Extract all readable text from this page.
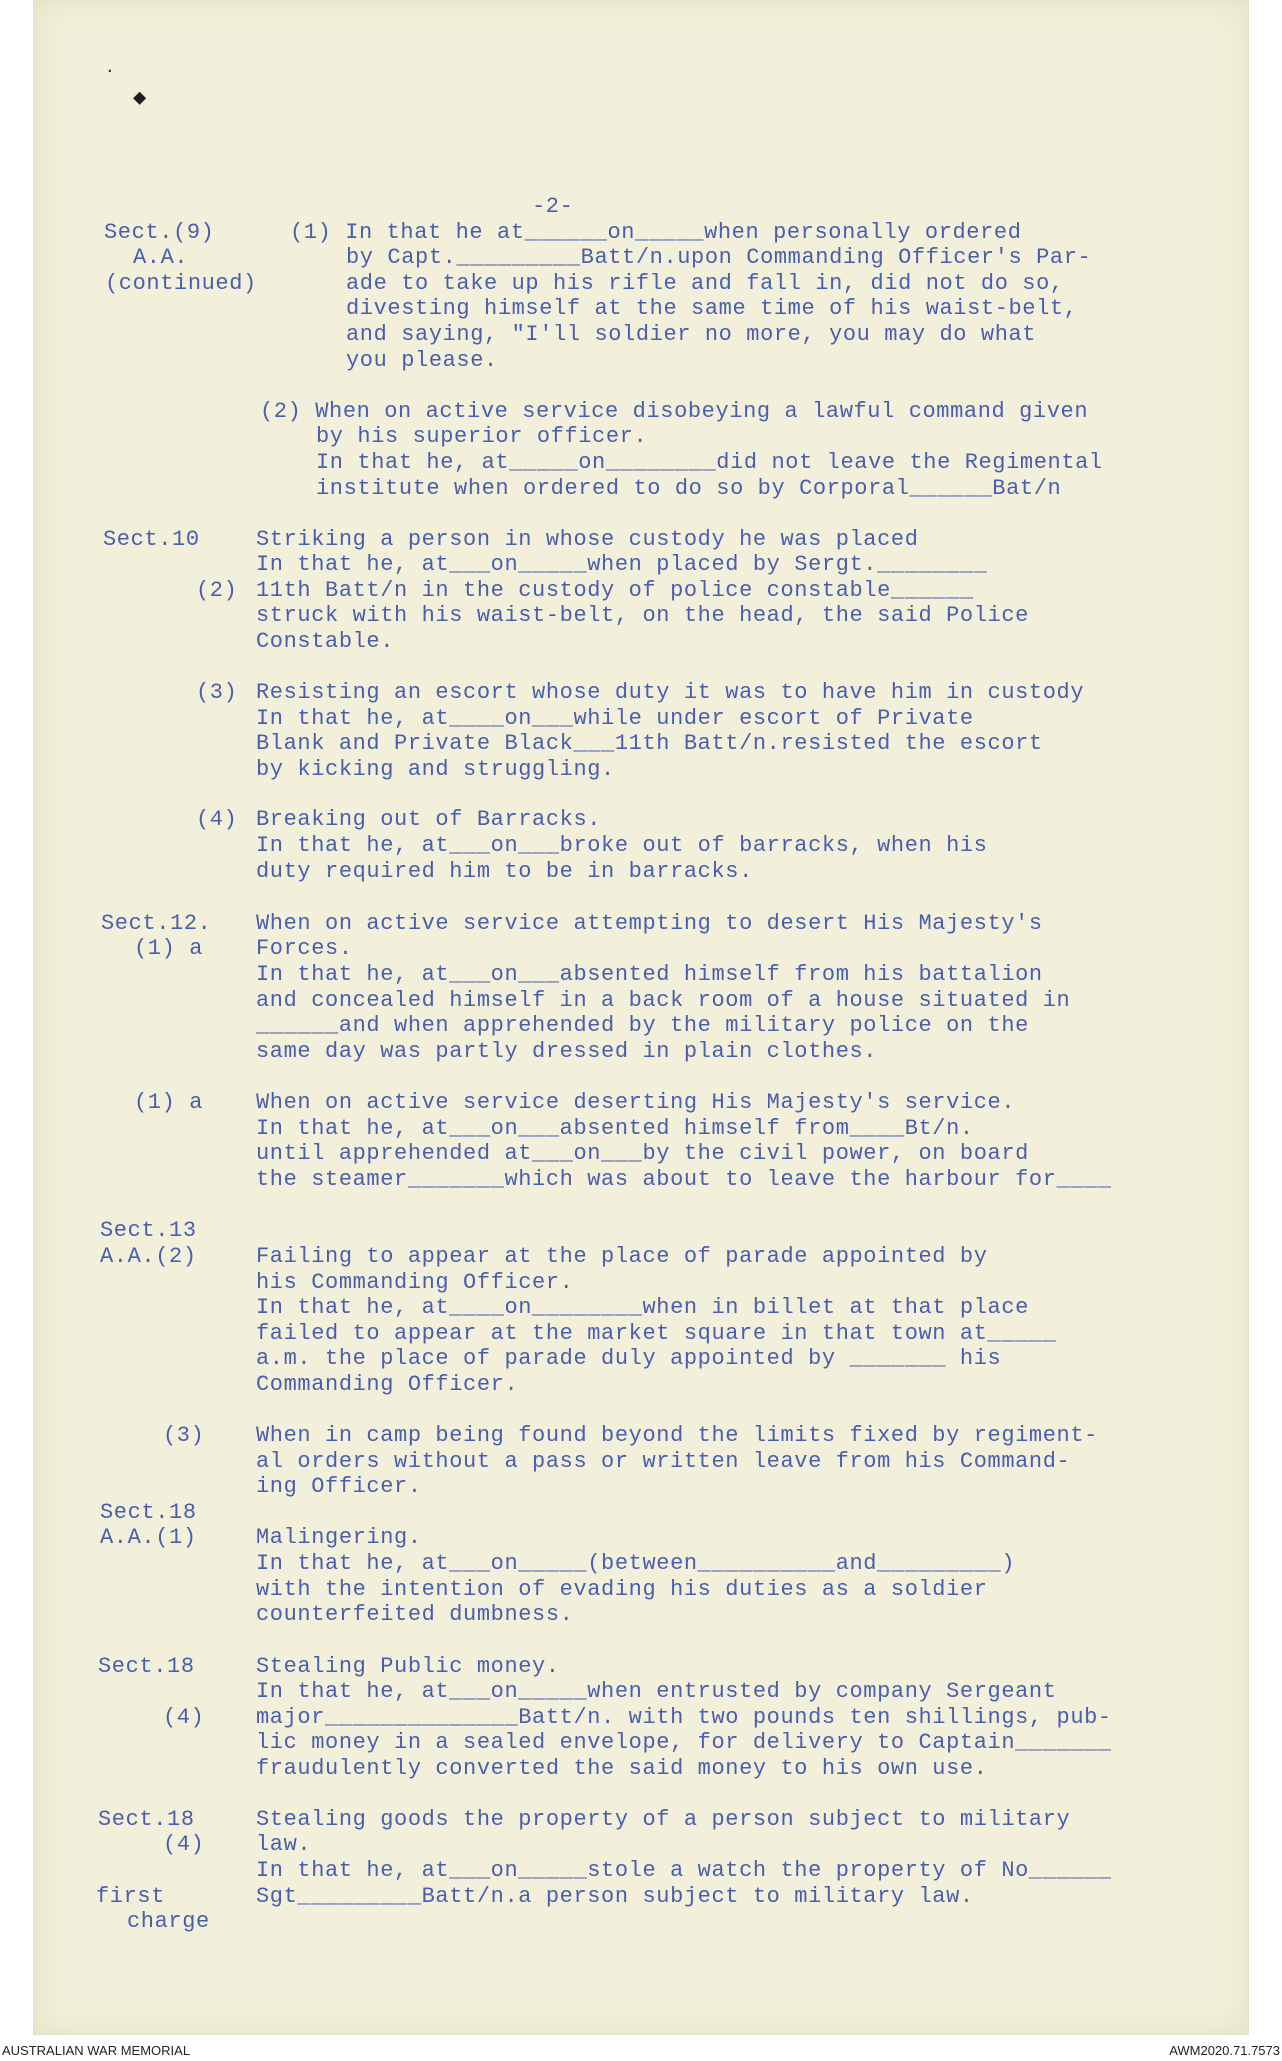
.
◆
-2-
Sect.(9)
A.A.
(continued)
(1) In that he at______on_____when personally ordered
by Capt._________Batt/n.upon Commanding Officer's Par-
ade to take up his rifle and fall in, did not do so,
divesting himself at the same time of his waist-belt,
and saying, "I'll soldier no more, you may do what
you please.
(2) When on active service disobeying a lawful command given
by his superior officer.
In that he, at_____on________did not leave the Regimental
institute when ordered to do so by Corporal______Bat/n
Sect.10	Striking a person in whose custody he was placed
In that he, at___on_____when placed by Sergt.________
(2) 11th Batt/n in the custody of police constable______
struck with his waist-belt, on the head, the said Police
Constable.
(3) Resisting an escort whose duty it was to have him in custody
In that he, at____on___while under escort of Private
Blank and Private Black___11th Batt/n.resisted the escort
by kicking and struggling.
(4) Breaking out of Barracks.
In that he, at___on___broke out of barracks, when his
duty required him to be in barracks.
Sect.12.
(1) a
When on active service attempting to desert His Majesty's
Forces.
In that he, at___on___absented himself from his battalion
and concealed himself in a back room of a house situated in
______and when apprehended by the military police on the
same day was partly dressed in plain clothes.
(1) a When on active service deserting His Majesty's service.
In that he, at___on___absented himself from____Bt/n.
until apprehended at___on___by the civil power, on board
the steamer_______which was about to leave the harbour for____
Sect.13
A.A.(2)	Failing to appear at the place of parade appointed by
his Commanding Officer.
In that he, at____on________when in billet at that place
failed to appear at the market square in that town at_____
a.m. the place of parade duly appointed by _______ his
Commanding Officer.
(3) When in camp being found beyond the limits fixed by regiment-
al orders without a pass or written leave from his Command-
ing Officer.
Sect.18
A.A.(1)	Malingering.
In that he, at___on_____(between__________and_________)
with the intention of evading his duties as a soldier
counterfeited dumbness.
Sect.18
(4)
Stealing Public money.
In that he, at___on_____when entrusted by company Sergeant
major______________Batt/n. with two pounds ten shillings, pub-
lic money in a sealed envelope, for delivery to Captain_______
fraudulently converted the said money to his own use.
Sect.18
(4)
Stealing goods the property of a person subject to military
law.
In that he, at___on_____stole a watch the property of No______
first	Sgt_________Batt/n.a person subject to military law.
charge
AUSTRALIAN WAR MEMORIAL	AWM2020.71.7573
